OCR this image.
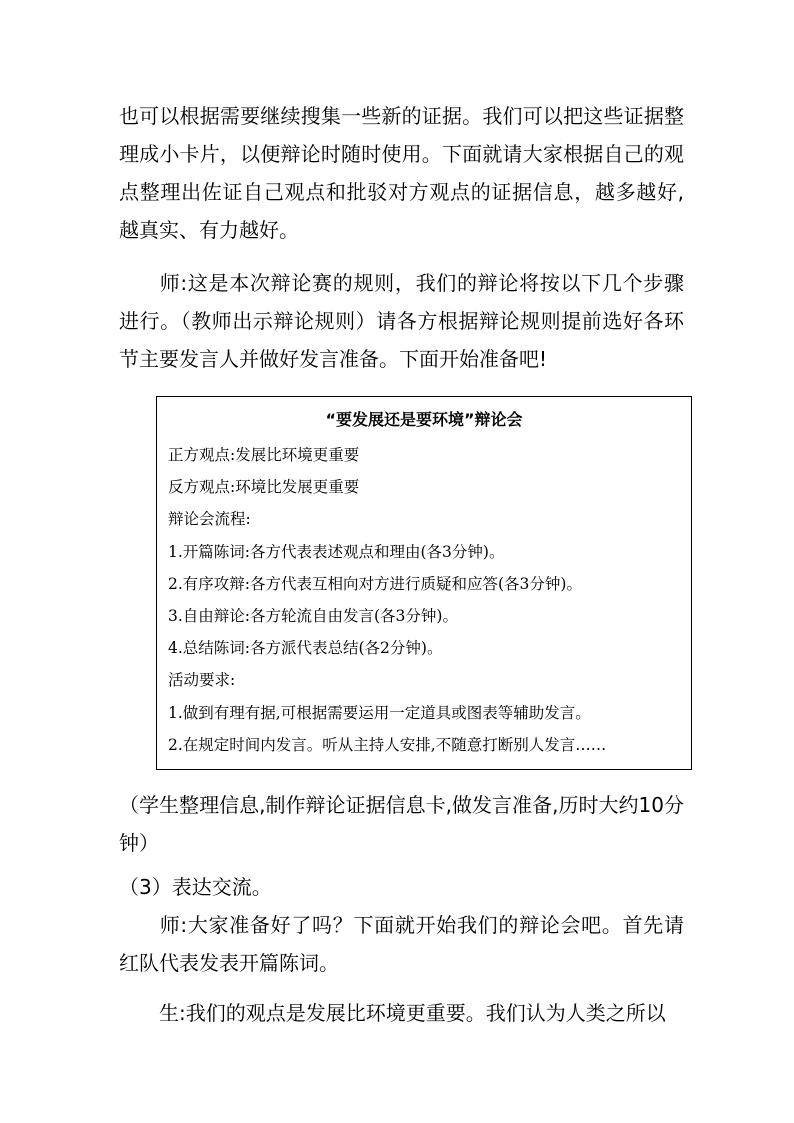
也可以根据需要继续搜集一些新的证据。我们可以把这些证据整理成小卡片，以便辩论时随时使用。下面就请大家根据自己的观点整理出佐证自己观点和批驳对方观点的证据信息，越多越好,越真实、有力越好。

师:这是本次辩论赛的规则，我们的辩论将按以下几个步骤进行。（教师出示辩论规则）请各方根据辩论规则提前选好各环节主要发言人并做好发言准备。下面开始准备吧!

“要发展还是要环境”辩论会
正方观点:发展比环境更重要
反方观点:环境比发展更重要
辩论会流程:
1.开篇陈词:各方代表表述观点和理由(各3分钟)。
2.有序攻辩:各方代表互相向对方进行质疑和应答(各3分钟)。
3.自由辩论:各方轮流自由发言(各3分钟)。
4.总结陈词:各方派代表总结(各2分钟)。
活动要求:
1.做到有理有据,可根据需要运用一定道具或图表等辅助发言。
2.在规定时间内发言。听从主持人安排,不随意打断别人发言……

（学生整理信息,制作辩论证据信息卡,做发言准备,历时大约10分钟）

（3）表达交流。

师:大家准备好了吗？下面就开始我们的辩论会吧。首先请红队代表发表开篇陈词。

生:我们的观点是发展比环境更重要。我们认为人类之所以
